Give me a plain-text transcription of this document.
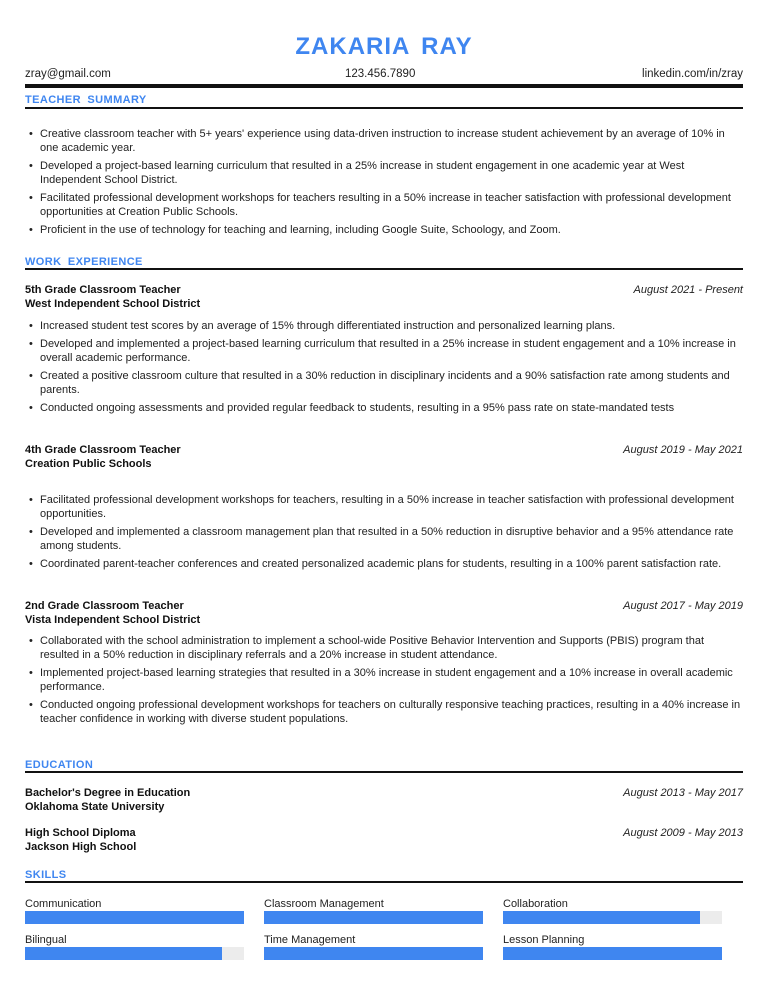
ZAKARIA RAY
zray@gmail.com	123.456.7890	linkedin.com/in/zray
TEACHER SUMMARY
• Creative classroom teacher with 5+ years' experience using data-driven instruction to increase student achievement by an average of 10% in one academic year.
• Developed a project-based learning curriculum that resulted in a 25% increase in student engagement in one academic year at West Independent School District.
• Facilitated professional development workshops for teachers resulting in a 50% increase in teacher satisfaction with professional development opportunities at Creation Public Schools.
• Proficient in the use of technology for teaching and learning, including Google Suite, Schoology, and Zoom.
WORK EXPERIENCE
5th Grade Classroom Teacher	August 2021 - Present
West Independent School District
• Increased student test scores by an average of 15% through differentiated instruction and personalized learning plans.
• Developed and implemented a project-based learning curriculum that resulted in a 25% increase in student engagement and a 10% increase in overall academic performance.
• Created a positive classroom culture that resulted in a 30% reduction in disciplinary incidents and a 90% satisfaction rate among students and parents.
• Conducted ongoing assessments and provided regular feedback to students, resulting in a 95% pass rate on state-mandated tests
4th Grade Classroom Teacher	August 2019 - May 2021
Creation Public Schools
• Facilitated professional development workshops for teachers, resulting in a 50% increase in teacher satisfaction with professional development opportunities.
• Developed and implemented a classroom management plan that resulted in a 50% reduction in disruptive behavior and a 95% attendance rate among students.
• Coordinated parent-teacher conferences and created personalized academic plans for students, resulting in a 100% parent satisfaction rate.
2nd Grade Classroom Teacher	August 2017 - May 2019
Vista Independent School District
• Collaborated with the school administration to implement a school-wide Positive Behavior Intervention and Supports (PBIS) program that resulted in a 50% reduction in disciplinary referrals and a 20% increase in student attendance.
• Implemented project-based learning strategies that resulted in a 30% increase in student engagement and a 10% increase in overall academic performance.
• Conducted ongoing professional development workshops for teachers on culturally responsive teaching practices, resulting in a 40% increase in teacher confidence in working with diverse student populations.
EDUCATION
Bachelor's Degree in Education	August 2013 - May 2017
Oklahoma State University
High School Diploma	August 2009 - May 2013
Jackson High School
SKILLS
Communication	Classroom Management	Collaboration
Bilingual	Time Management	Lesson Planning
